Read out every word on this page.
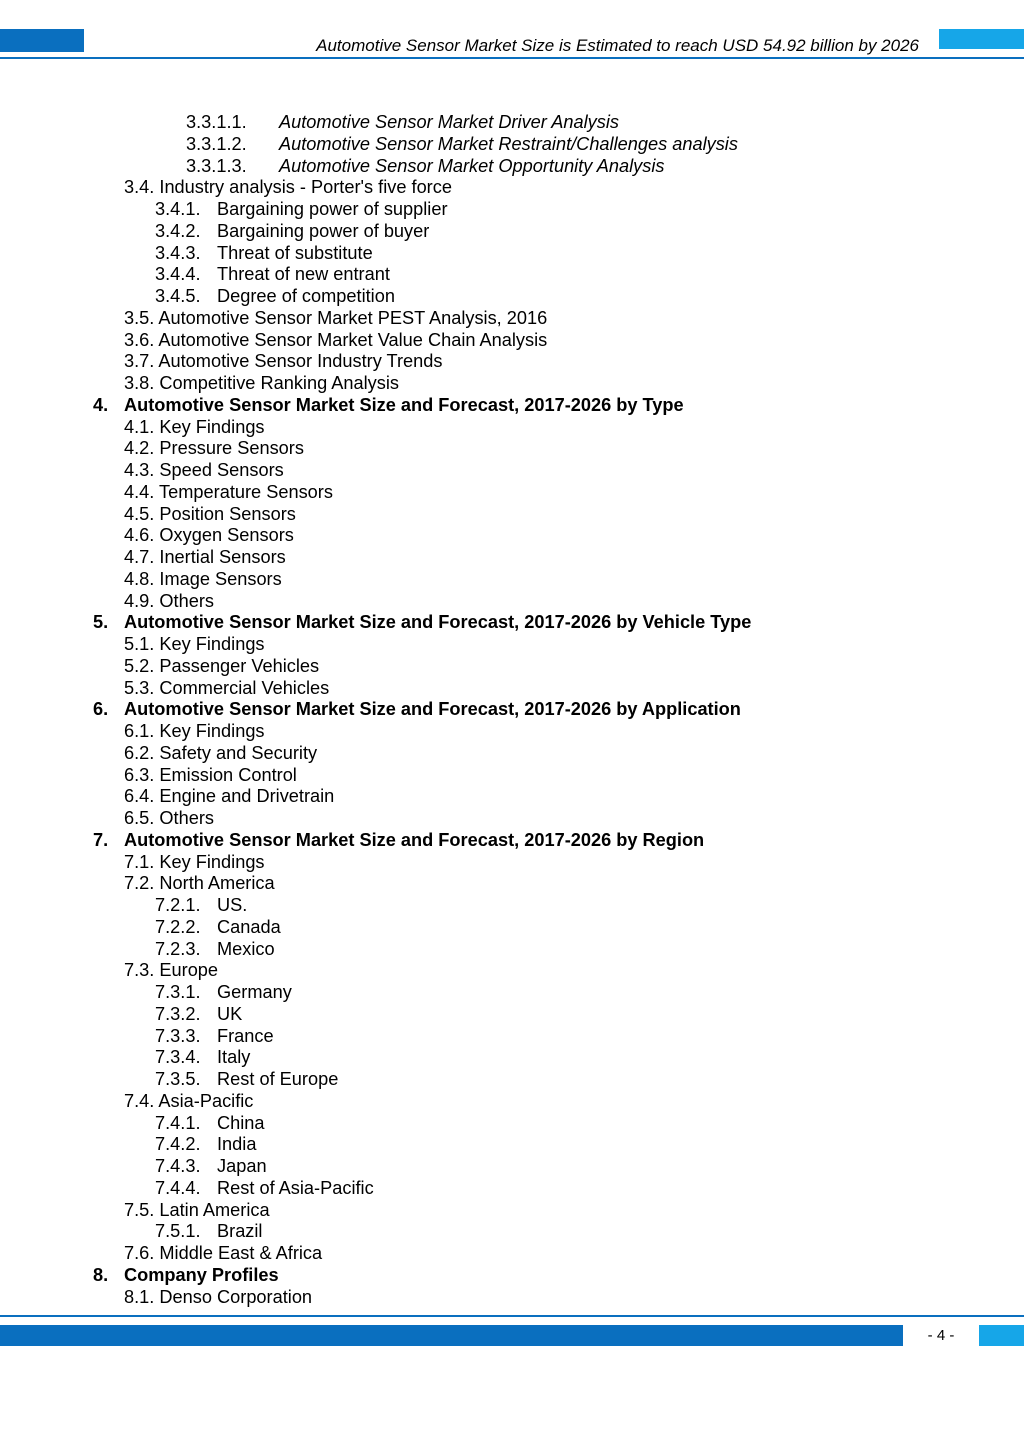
Automotive Sensor Market Size is Estimated to reach USD 54.92 billion by 2026
3.3.1.1. Automotive Sensor Market Driver Analysis
3.3.1.2. Automotive Sensor Market Restraint/Challenges analysis
3.3.1.3. Automotive Sensor Market Opportunity Analysis
3.4. Industry analysis - Porter's five force
3.4.1. Bargaining power of supplier
3.4.2. Bargaining power of buyer
3.4.3. Threat of substitute
3.4.4. Threat of new entrant
3.4.5. Degree of competition
3.5. Automotive Sensor Market PEST Analysis, 2016
3.6. Automotive Sensor Market Value Chain Analysis
3.7. Automotive Sensor Industry Trends
3.8. Competitive Ranking Analysis
4. Automotive Sensor Market Size and Forecast, 2017-2026 by Type
4.1. Key Findings
4.2. Pressure Sensors
4.3. Speed Sensors
4.4. Temperature Sensors
4.5. Position Sensors
4.6. Oxygen Sensors
4.7. Inertial Sensors
4.8. Image Sensors
4.9. Others
5. Automotive Sensor Market Size and Forecast, 2017-2026 by Vehicle Type
5.1. Key Findings
5.2. Passenger Vehicles
5.3. Commercial Vehicles
6. Automotive Sensor Market Size and Forecast, 2017-2026 by Application
6.1. Key Findings
6.2. Safety and Security
6.3. Emission Control
6.4. Engine and Drivetrain
6.5. Others
7. Automotive Sensor Market Size and Forecast, 2017-2026 by Region
7.1. Key Findings
7.2. North America
7.2.1. US.
7.2.2. Canada
7.2.3. Mexico
7.3. Europe
7.3.1. Germany
7.3.2. UK
7.3.3. France
7.3.4. Italy
7.3.5. Rest of Europe
7.4. Asia-Pacific
7.4.1. China
7.4.2. India
7.4.3. Japan
7.4.4. Rest of Asia-Pacific
7.5. Latin America
7.5.1. Brazil
7.6. Middle East & Africa
8. Company Profiles
8.1. Denso Corporation
- 4 -
